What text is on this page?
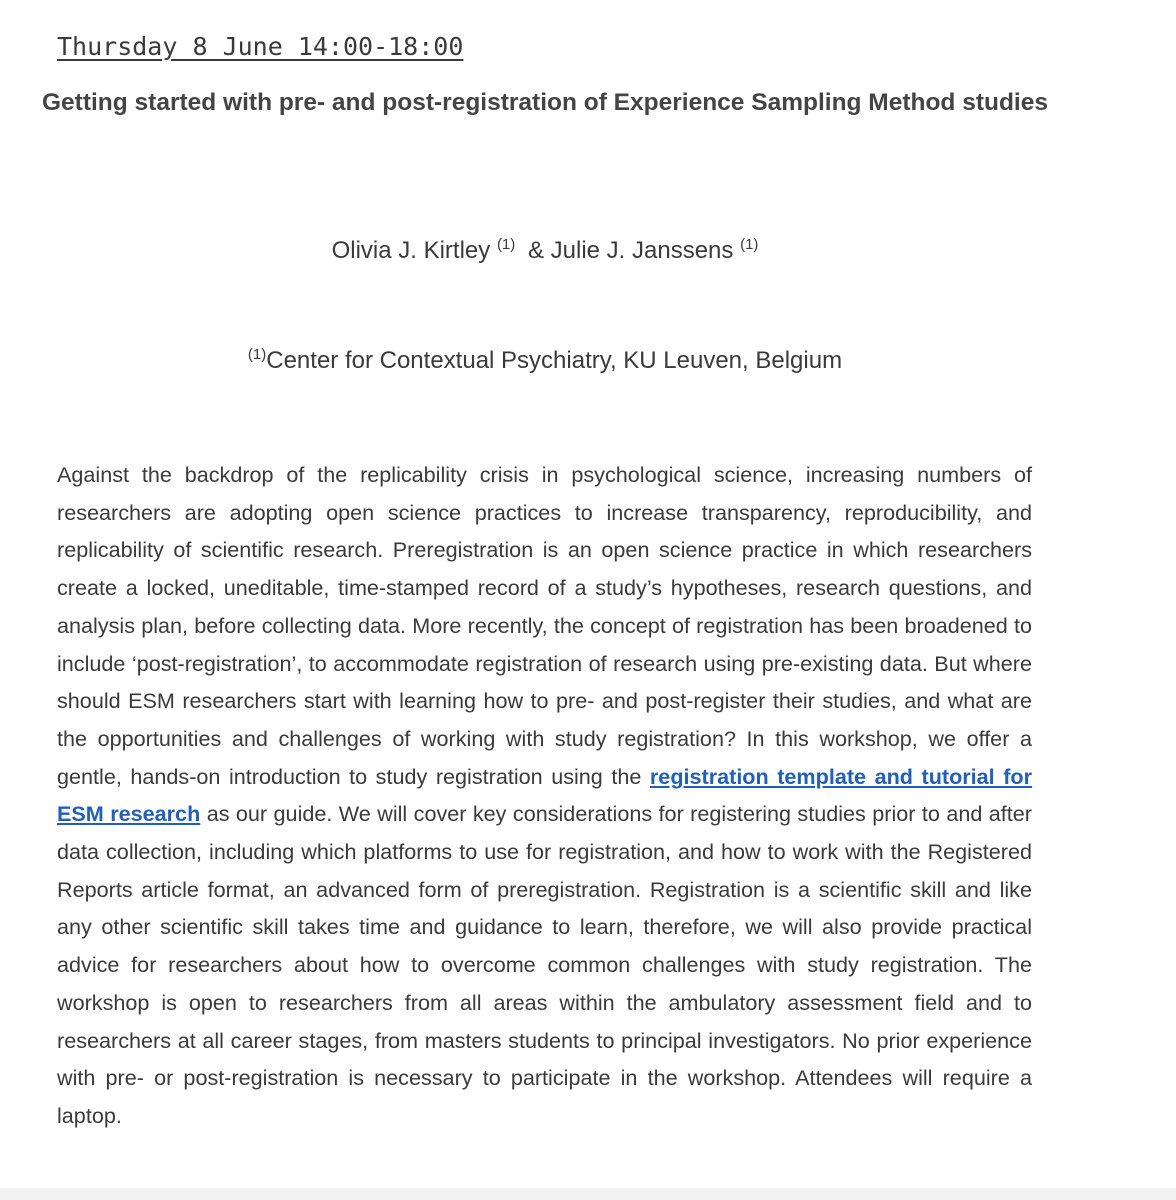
Thursday 8 June 14:00-18:00

Getting started with pre- and post-registration of Experience Sampling Method studies

Olivia J. Kirtley $^{(1)}$ & Julie J. Janssens $^{(1)}$

$^{(1)}$Center for Contextual Psychiatry, KU Leuven, Belgium

Against the backdrop of the replicability crisis in psychological science, increasing numbers of researchers are adopting open science practices to increase transparency, reproducibility, and replicability of scientific research. Preregistration is an open science practice in which researchers create a locked, uneditable, time-stamped record of a study’s hypotheses, research questions, and analysis plan, before collecting data. More recently, the concept of registration has been broadened to include ‘post-registration’, to accommodate registration of research using pre-existing data. But where should ESM researchers start with learning how to pre- and post-register their studies, and what are the opportunities and challenges of working with study registration? In this workshop, we offer a gentle, hands-on introduction to study registration using the registration template and tutorial for ESM research as our guide. We will cover key considerations for registering studies prior to and after data collection, including which platforms to use for registration, and how to work with the Registered Reports article format, an advanced form of preregistration. Registration is a scientific skill and like any other scientific skill takes time and guidance to learn, therefore, we will also provide practical advice for researchers about how to overcome common challenges with study registration. The workshop is open to researchers from all areas within the ambulatory assessment field and to researchers at all career stages, from masters students to principal investigators. No prior experience with pre- or post-registration is necessary to participate in the workshop. Attendees will require a laptop.
